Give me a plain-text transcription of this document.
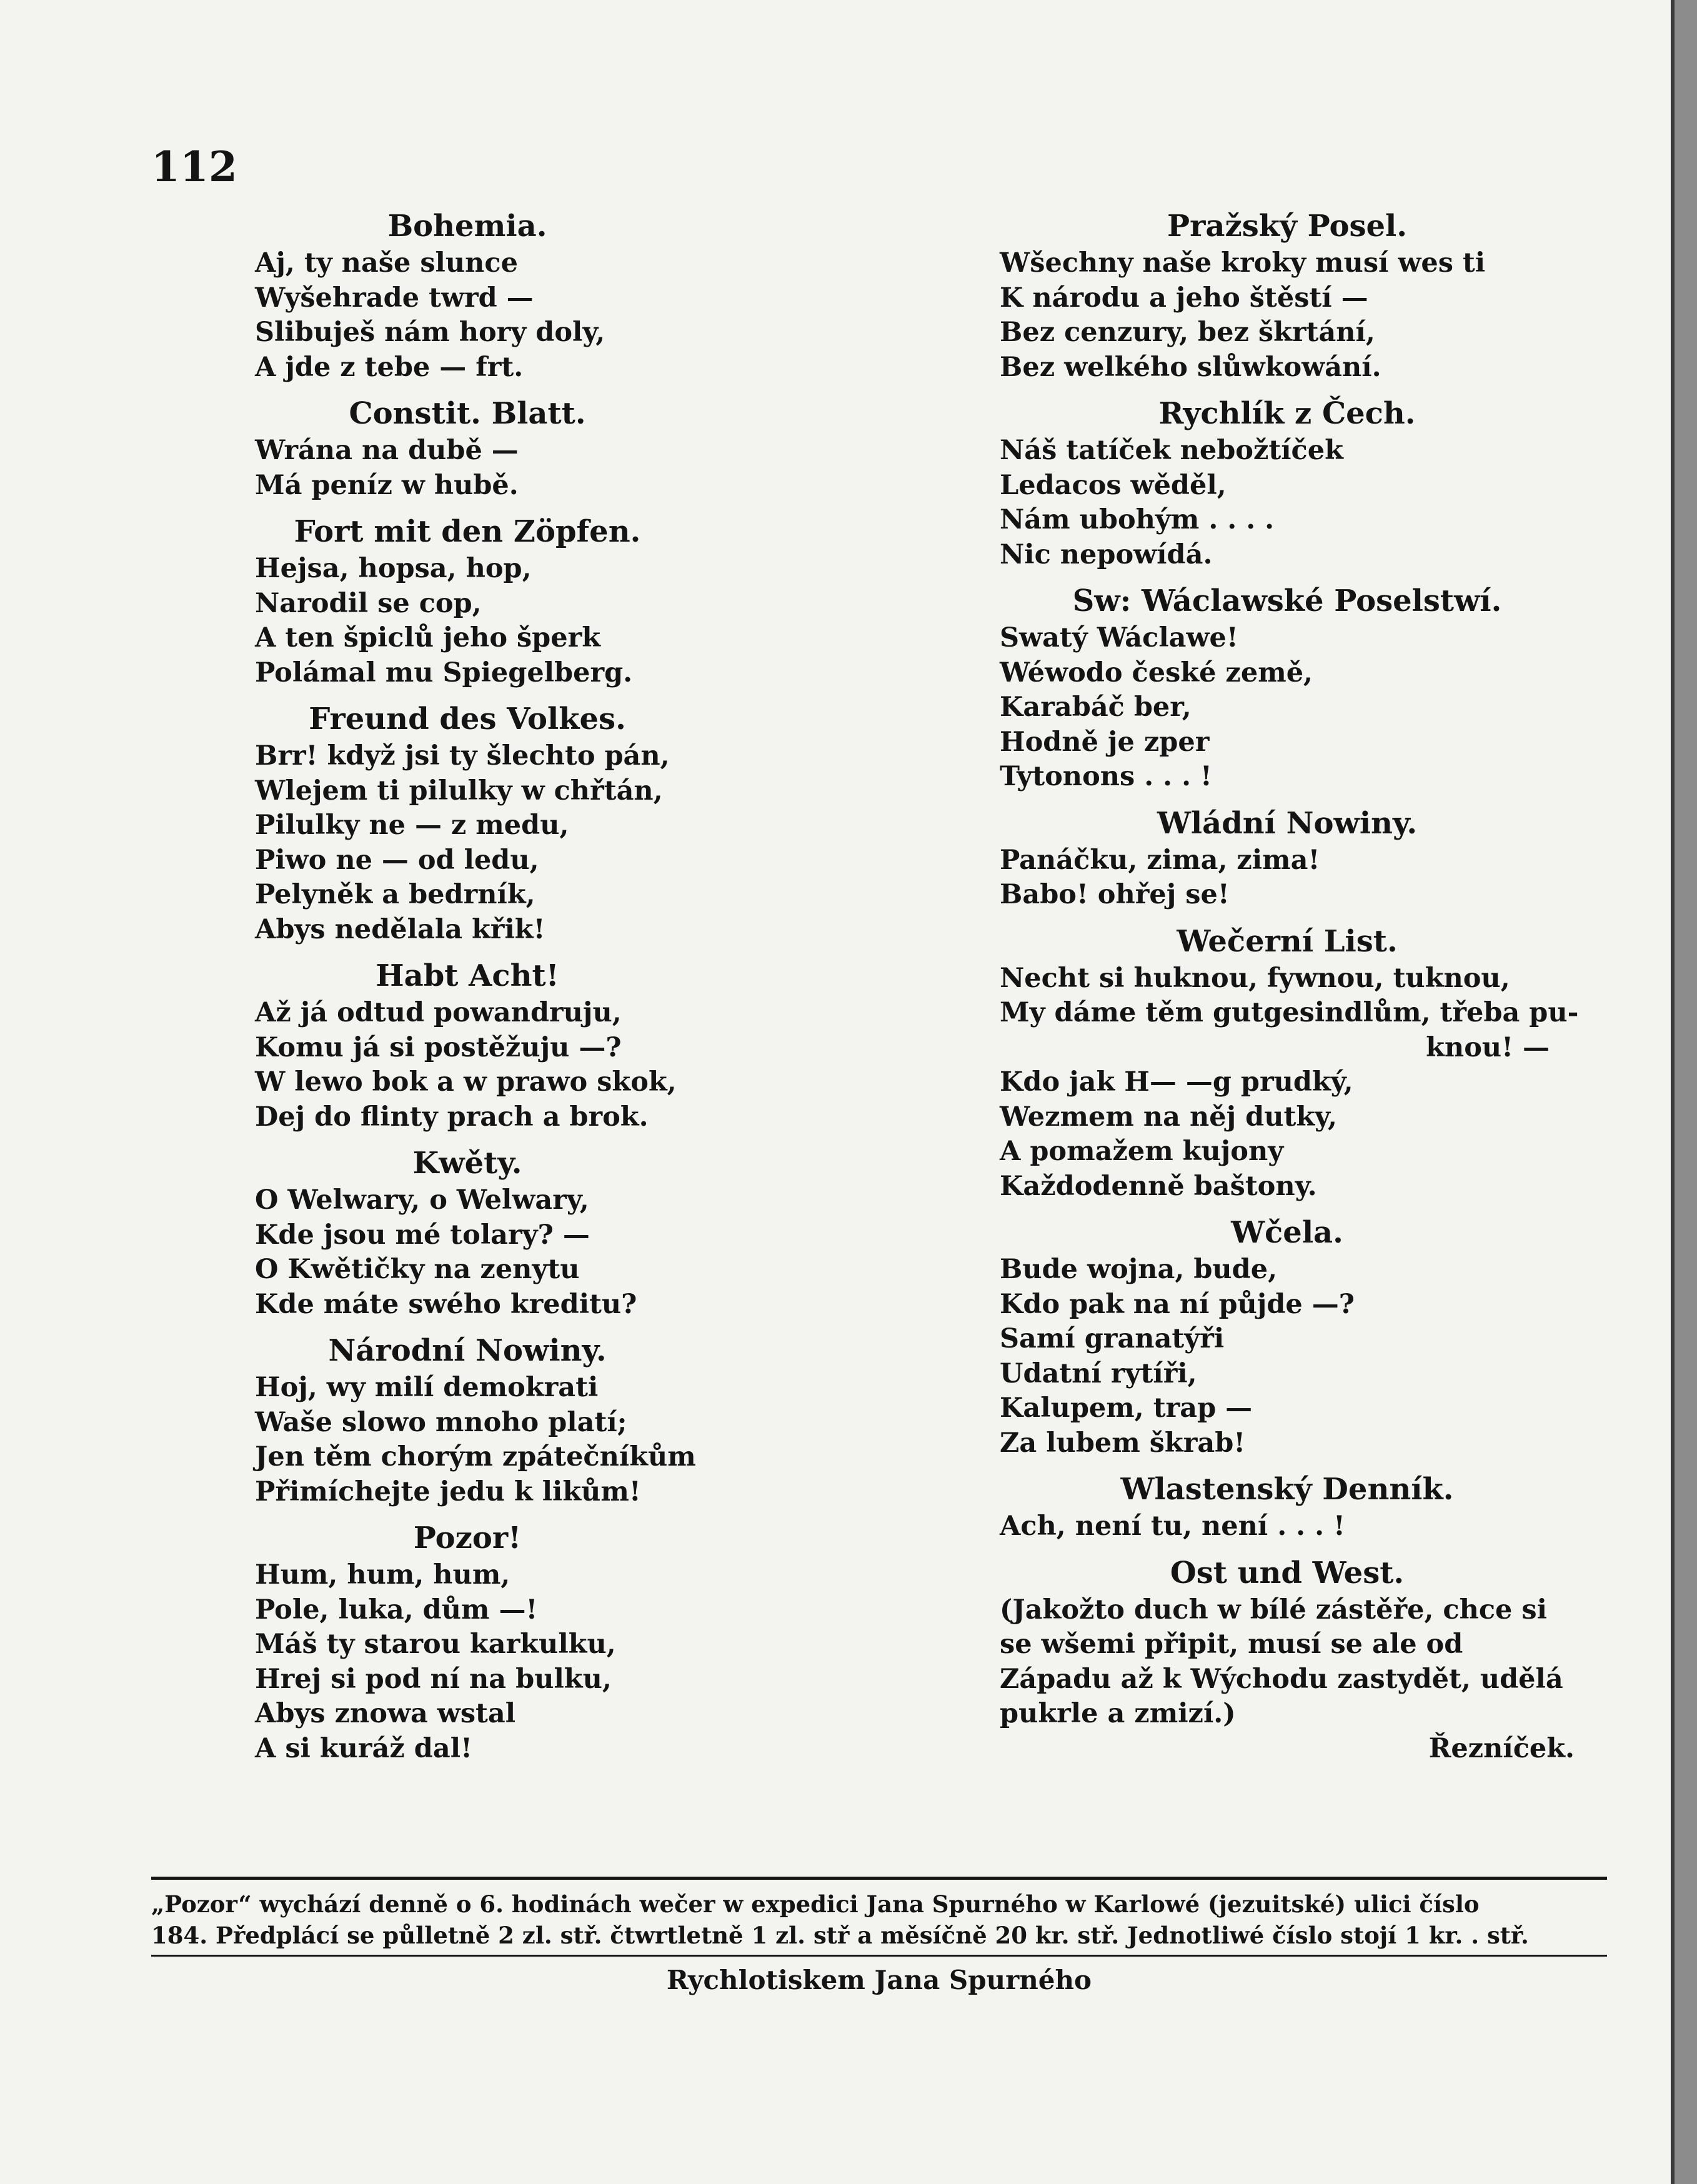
112
Bohemia.
Aj, ty naše slunce
Wyšehrade twrd —
Slibuješ nám hory doly,
A jde z tebe — frt.
Constit. Blatt.
Wrána na dubě —
Má peníz w hubě.
Fort mit den Zöpfen.
Hejsa, hopsa, hop,
Narodil se cop,
A ten špiclů jeho šperk
Polámal mu Spiegelberg.
Freund des Volkes.
Brr! když jsi ty šlechto pán,
Wlejem ti pilulky w chřtán,
Pilulky ne — z medu,
Piwo ne — od ledu,
Pelyněk a bedrník,
Abys nedělala křik!
Habt Acht!
Až já odtud powandruju,
Komu já si postěžuju —?
W lewo bok a w prawo skok,
Dej do flinty prach a brok.
Kwěty.
O Welwary, o Welwary,
Kde jsou mé tolary? —
O Kwětičky na zenytu
Kde máte swého kreditu?
Národní Nowiny.
Hoj, wy milí demokrati
Waše slowo mnoho platí;
Jen těm chorým zpátečníkům
Přimíchejte jedu k likům!
Pozor!
Hum, hum, hum,
Pole, luka, dům —!
Máš ty starou karkulku,
Hrej si pod ní na bulku,
Abys znowa wstal
A si kuráž dal!
Pražský Posel.
Wšechny naše kroky musí wes ti
K národu a jeho štěstí —
Bez cenzury, bez škrtání,
Bez welkého slůwkowání.
Rychlík z Čech.
Náš tatíček nebožtíček
Ledacos wěděl,
Nám ubohým . . . .
Nic nepowídá.
Sw: Wáclawské Poselstwí.
Swatý Wáclawe!
Wéwodo české země,
Karabáč ber,
Hodně je zper
Tytonons . . . !
Wládní Nowiny.
Panáčku, zima, zima!
Babo! ohřej se!
Wečerní List.
Necht si huknou, fywnou, tuknou,
My dáme těm gutgesindlům, třeba pu-
knou! —
Kdo jak H— —g prudký,
Wezmem na něj dutky,
A pomažem kujony
Každodenně baštony.
Wčela.
Bude wojna, bude,
Kdo pak na ní půjde —?
Samí granatýři
Udatní rytíři,
Kalupem, trap —
Za lubem škrab!
Wlastenský Denník.
Ach, není tu, není . . . !
Ost und West.
(Jakožto duch w bílé zástěře, chce si se wšemi připit, musí se ale od Západu až k Wýchodu zastydět, udělá pukrle a zmizí.)
Řezníček.
„Pozor“ wychází denně o 6. hodinách wečer w expedici Jana Spurného w Karlowé (jezuitské) ulici číslo
184. Předplácí se půlletně 2 zl. stř. čtwrtletně 1 zl. stř a měsíčně 20 kr. stř. Jednotliwé číslo stojí 1 kr. . stř.
Rychlotiskem Jana Spurného
